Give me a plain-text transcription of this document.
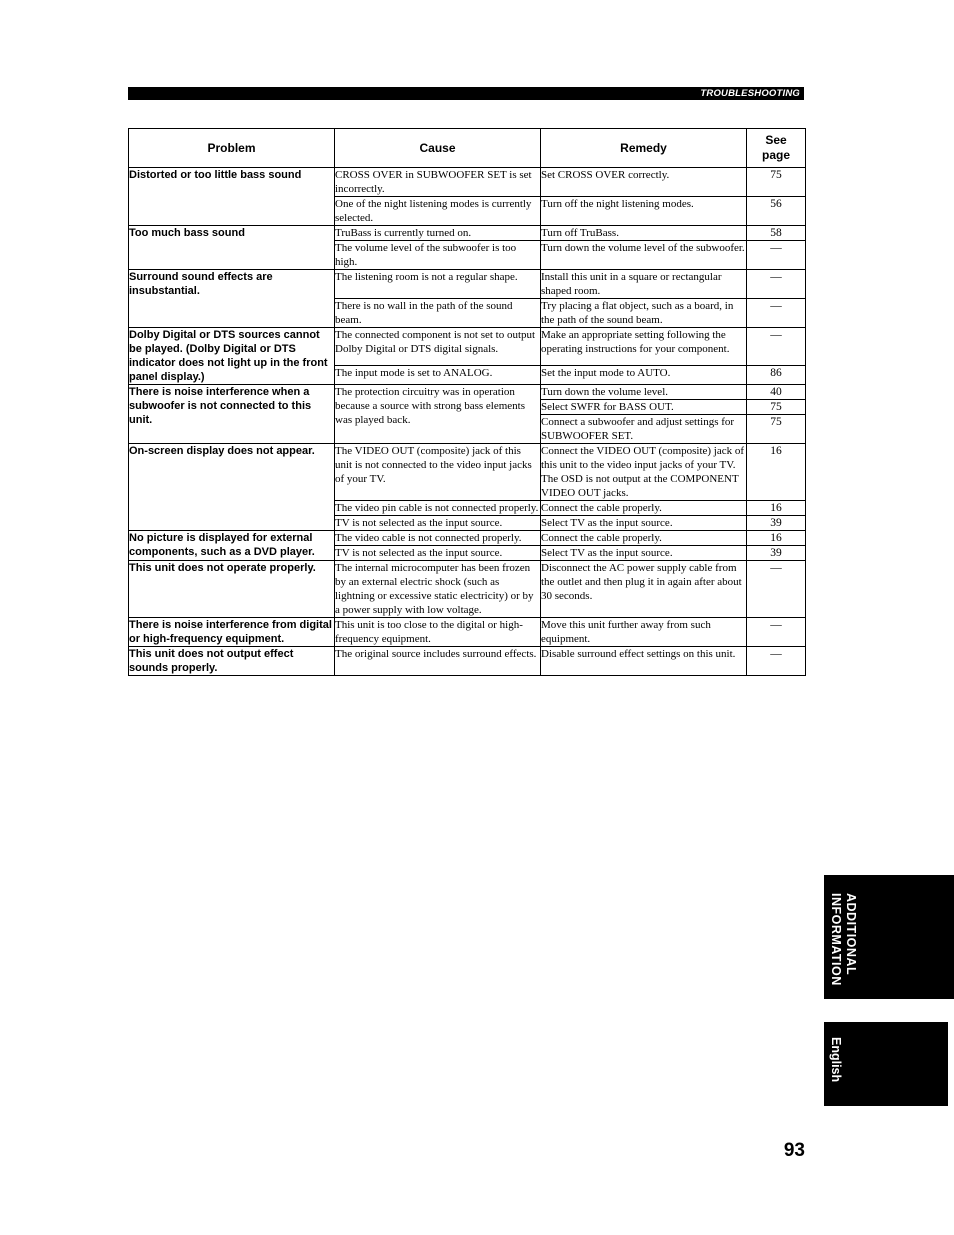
TROUBLESHOOTING
Problem	Cause	Remedy	See page
Distorted or too little bass sound	CROSS OVER in SUBWOOFER SET is set incorrectly.	Set CROSS OVER correctly.	75
	One of the night listening modes is currently selected.	Turn off the night listening modes.	56
Too much bass sound	TruBass is currently turned on.	Turn off TruBass.	58
	The volume level of the subwoofer is too high.	Turn down the volume level of the subwoofer.	—
Surround sound effects are insubstantial.	The listening room is not a regular shape.	Install this unit in a square or rectangular shaped room.	—
	There is no wall in the path of the sound beam.	Try placing a flat object, such as a board, in the path of the sound beam.	—
Dolby Digital or DTS sources cannot be played. (Dolby Digital or DTS indicator does not light up in the front panel display.)	The connected component is not set to output Dolby Digital or DTS digital signals.	Make an appropriate setting following the operating instructions for your component.	—
	The input mode is set to ANALOG.	Set the input mode to AUTO.	86
There is noise interference when a subwoofer is not connected to this unit.	The protection circuitry was in operation because a source with strong bass elements was played back.	Turn down the volume level.	40
		Select SWFR for BASS OUT.	75
		Connect a subwoofer and adjust settings for SUBWOOFER SET.	75
On-screen display does not appear.	The VIDEO OUT (composite) jack of this unit is not connected to the video input jacks of your TV.	Connect the VIDEO OUT (composite) jack of this unit to the video input jacks of your TV. The OSD is not output at the COMPONENT VIDEO OUT jacks.	16
	The video pin cable is not connected properly.	Connect the cable properly.	16
	TV is not selected as the input source.	Select TV as the input source.	39
No picture is displayed for external components, such as a DVD player.	The video cable is not connected properly.	Connect the cable properly.	16
	TV is not selected as the input source.	Select TV as the input source.	39
This unit does not operate properly.	The internal microcomputer has been frozen by an external electric shock (such as lightning or excessive static electricity) or by a power supply with low voltage.	Disconnect the AC power supply cable from the outlet and then plug it in again after about 30 seconds.	—
There is noise interference from digital or high-frequency equipment.	This unit is too close to the digital or high-frequency equipment.	Move this unit further away from such equipment.	—
This unit does not output effect sounds properly.	The original source includes surround effects.	Disable surround effect settings on this unit.	—
ADDITIONAL INFORMATION
English
93
